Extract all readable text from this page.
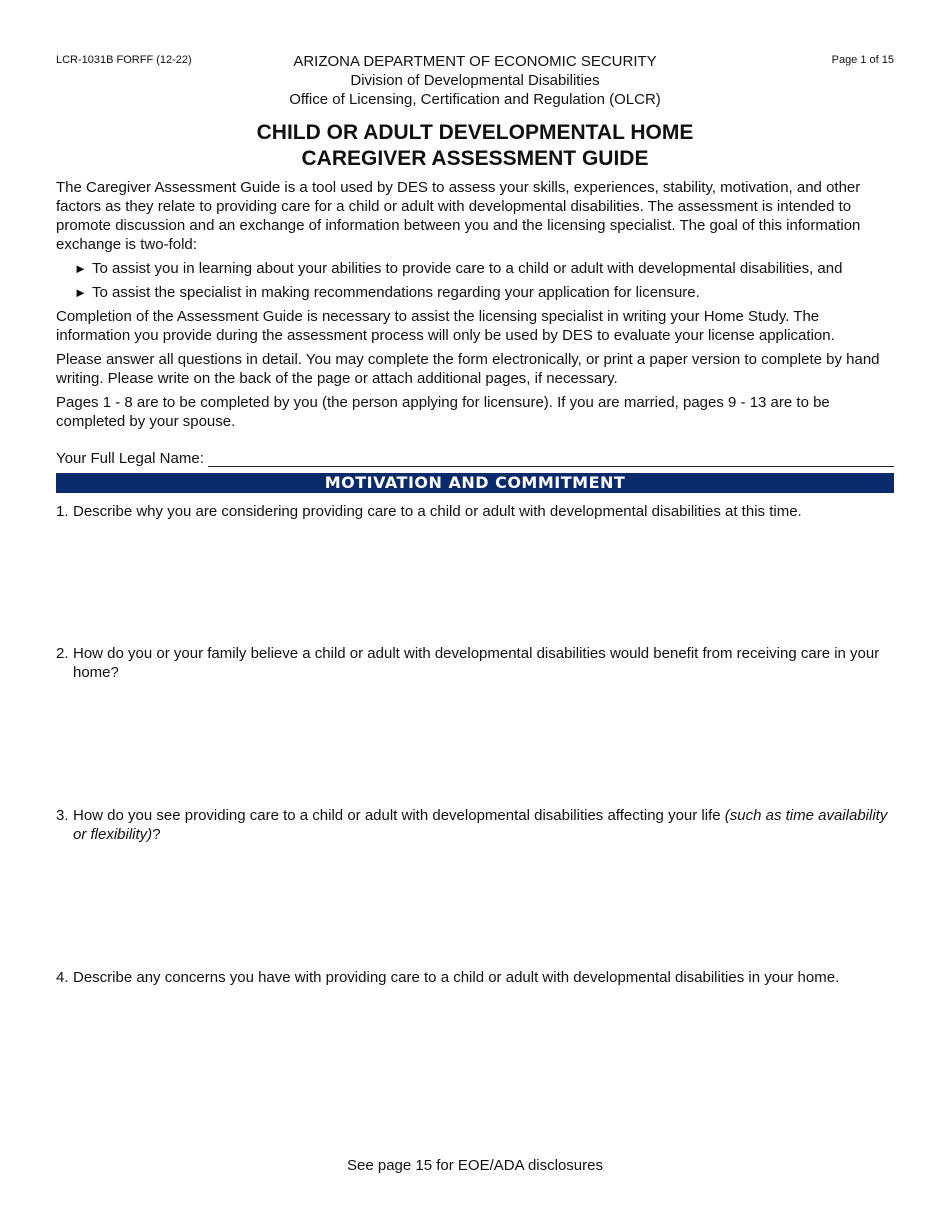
LCR-1031B FORFF (12-22)	Page 1 of 15
ARIZONA DEPARTMENT OF ECONOMIC SECURITY
Division of Developmental Disabilities
Office of Licensing, Certification and Regulation (OLCR)
CHILD OR ADULT DEVELOPMENTAL HOME
CAREGIVER ASSESSMENT GUIDE

The Caregiver Assessment Guide is a tool used by DES to assess your skills, experiences, stability, motivation, and other factors as they relate to providing care for a child or adult with developmental disabilities. The assessment is intended to promote discussion and an exchange of information between you and the licensing specialist. The goal of this information exchange is two-fold:

► To assist you in learning about your abilities to provide care to a child or adult with developmental disabilities, and
► To assist the specialist in making recommendations regarding your application for licensure.

Completion of the Assessment Guide is necessary to assist the licensing specialist in writing your Home Study. The information you provide during the assessment process will only be used by DES to evaluate your license application.

Please answer all questions in detail. You may complete the form electronically, or print a paper version to complete by hand writing. Please write on the back of the page or attach additional pages, if necessary.

Pages 1 - 8 are to be completed by you (the person applying for licensure). If you are married, pages 9 - 13 are to be completed by your spouse.

Your Full Legal Name:
MOTIVATION AND COMMITMENT
1. Describe why you are considering providing care to a child or adult with developmental disabilities at this time.
2. How do you or your family believe a child or adult with developmental disabilities would benefit from receiving care in your home?
3. How do you see providing care to a child or adult with developmental disabilities affecting your life (such as time availability or flexibility)?
4. Describe any concerns you have with providing care to a child or adult with developmental disabilities in your home.
See page 15 for EOE/ADA disclosures
